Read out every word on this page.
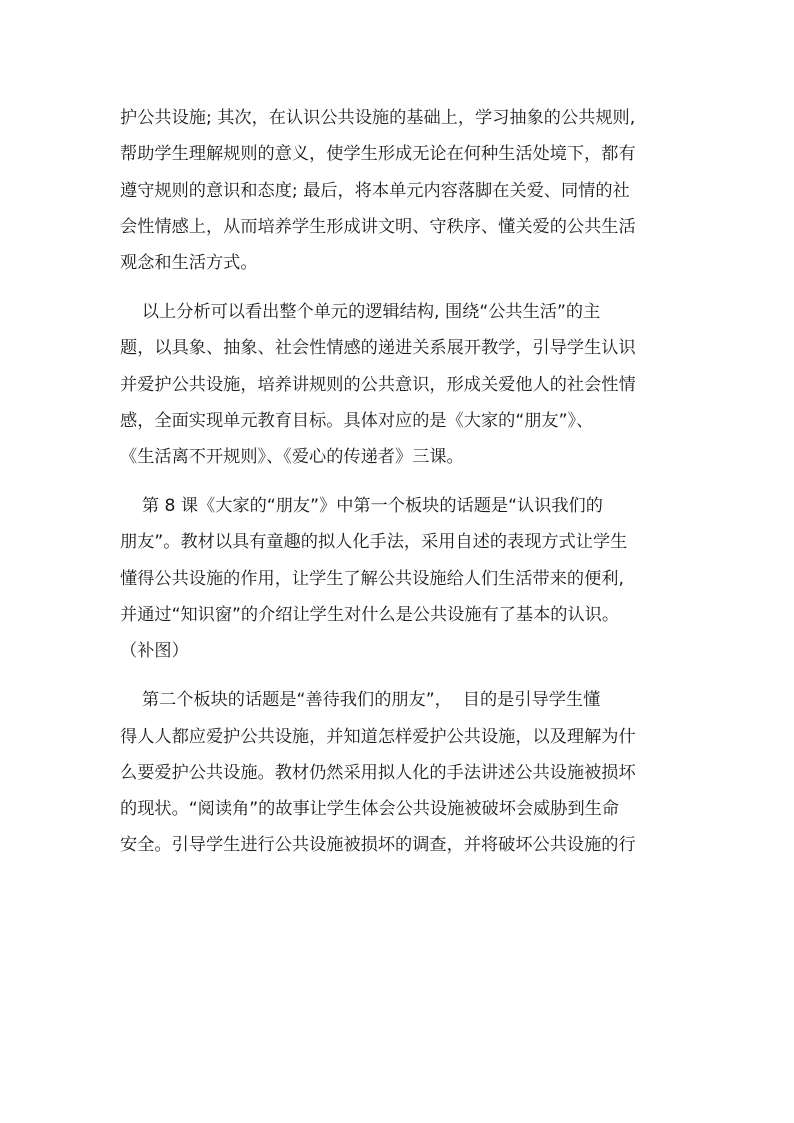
护公共设施; 其次，在认识公共设施的基础上，学习抽象的公共规则,
帮助学生理解规则的意义，使学生形成无论在何种生活处境下，都有
遵守规则的意识和态度; 最后，将本单元内容落脚在关爱、同情的社
会性情感上，从而培养学生形成讲文明、守秩序、懂关爱的公共生活
观念和生活方式。
以上分析可以看出整个单元的逻辑结构, 围绕“公共生活”的主
题，以具象、抽象、社会性情感的递进关系展开教学，引导学生认识
并爱护公共设施，培养讲规则的公共意识，形成关爱他人的社会性情
感，全面实现单元教育目标。具体对应的是《大家的“朋友”》、
《生活离不开规则》、《爱心的传递者》三课。
第 8 课《大家的“朋友”》中第一个板块的话题是“认识我们的
朋友”。教材以具有童趣的拟人化手法，采用自述的表现方式让学生
懂得公共设施的作用，让学生了解公共设施给人们生活带来的便利,
并通过“知识窗”的介绍让学生对什么是公共设施有了基本的认识。
（补图）
第二个板块的话题是“善待我们的朋友”，  目的是引导学生懂
得人人都应爱护公共设施，并知道怎样爱护公共设施，以及理解为什
么要爱护公共设施。教材仍然采用拟人化的手法讲述公共设施被损坏
的现状。“阅读角”的故事让学生体会公共设施被破坏会威胁到生命
安全。引导学生进行公共设施被损坏的调查，并将破坏公共设施的行
